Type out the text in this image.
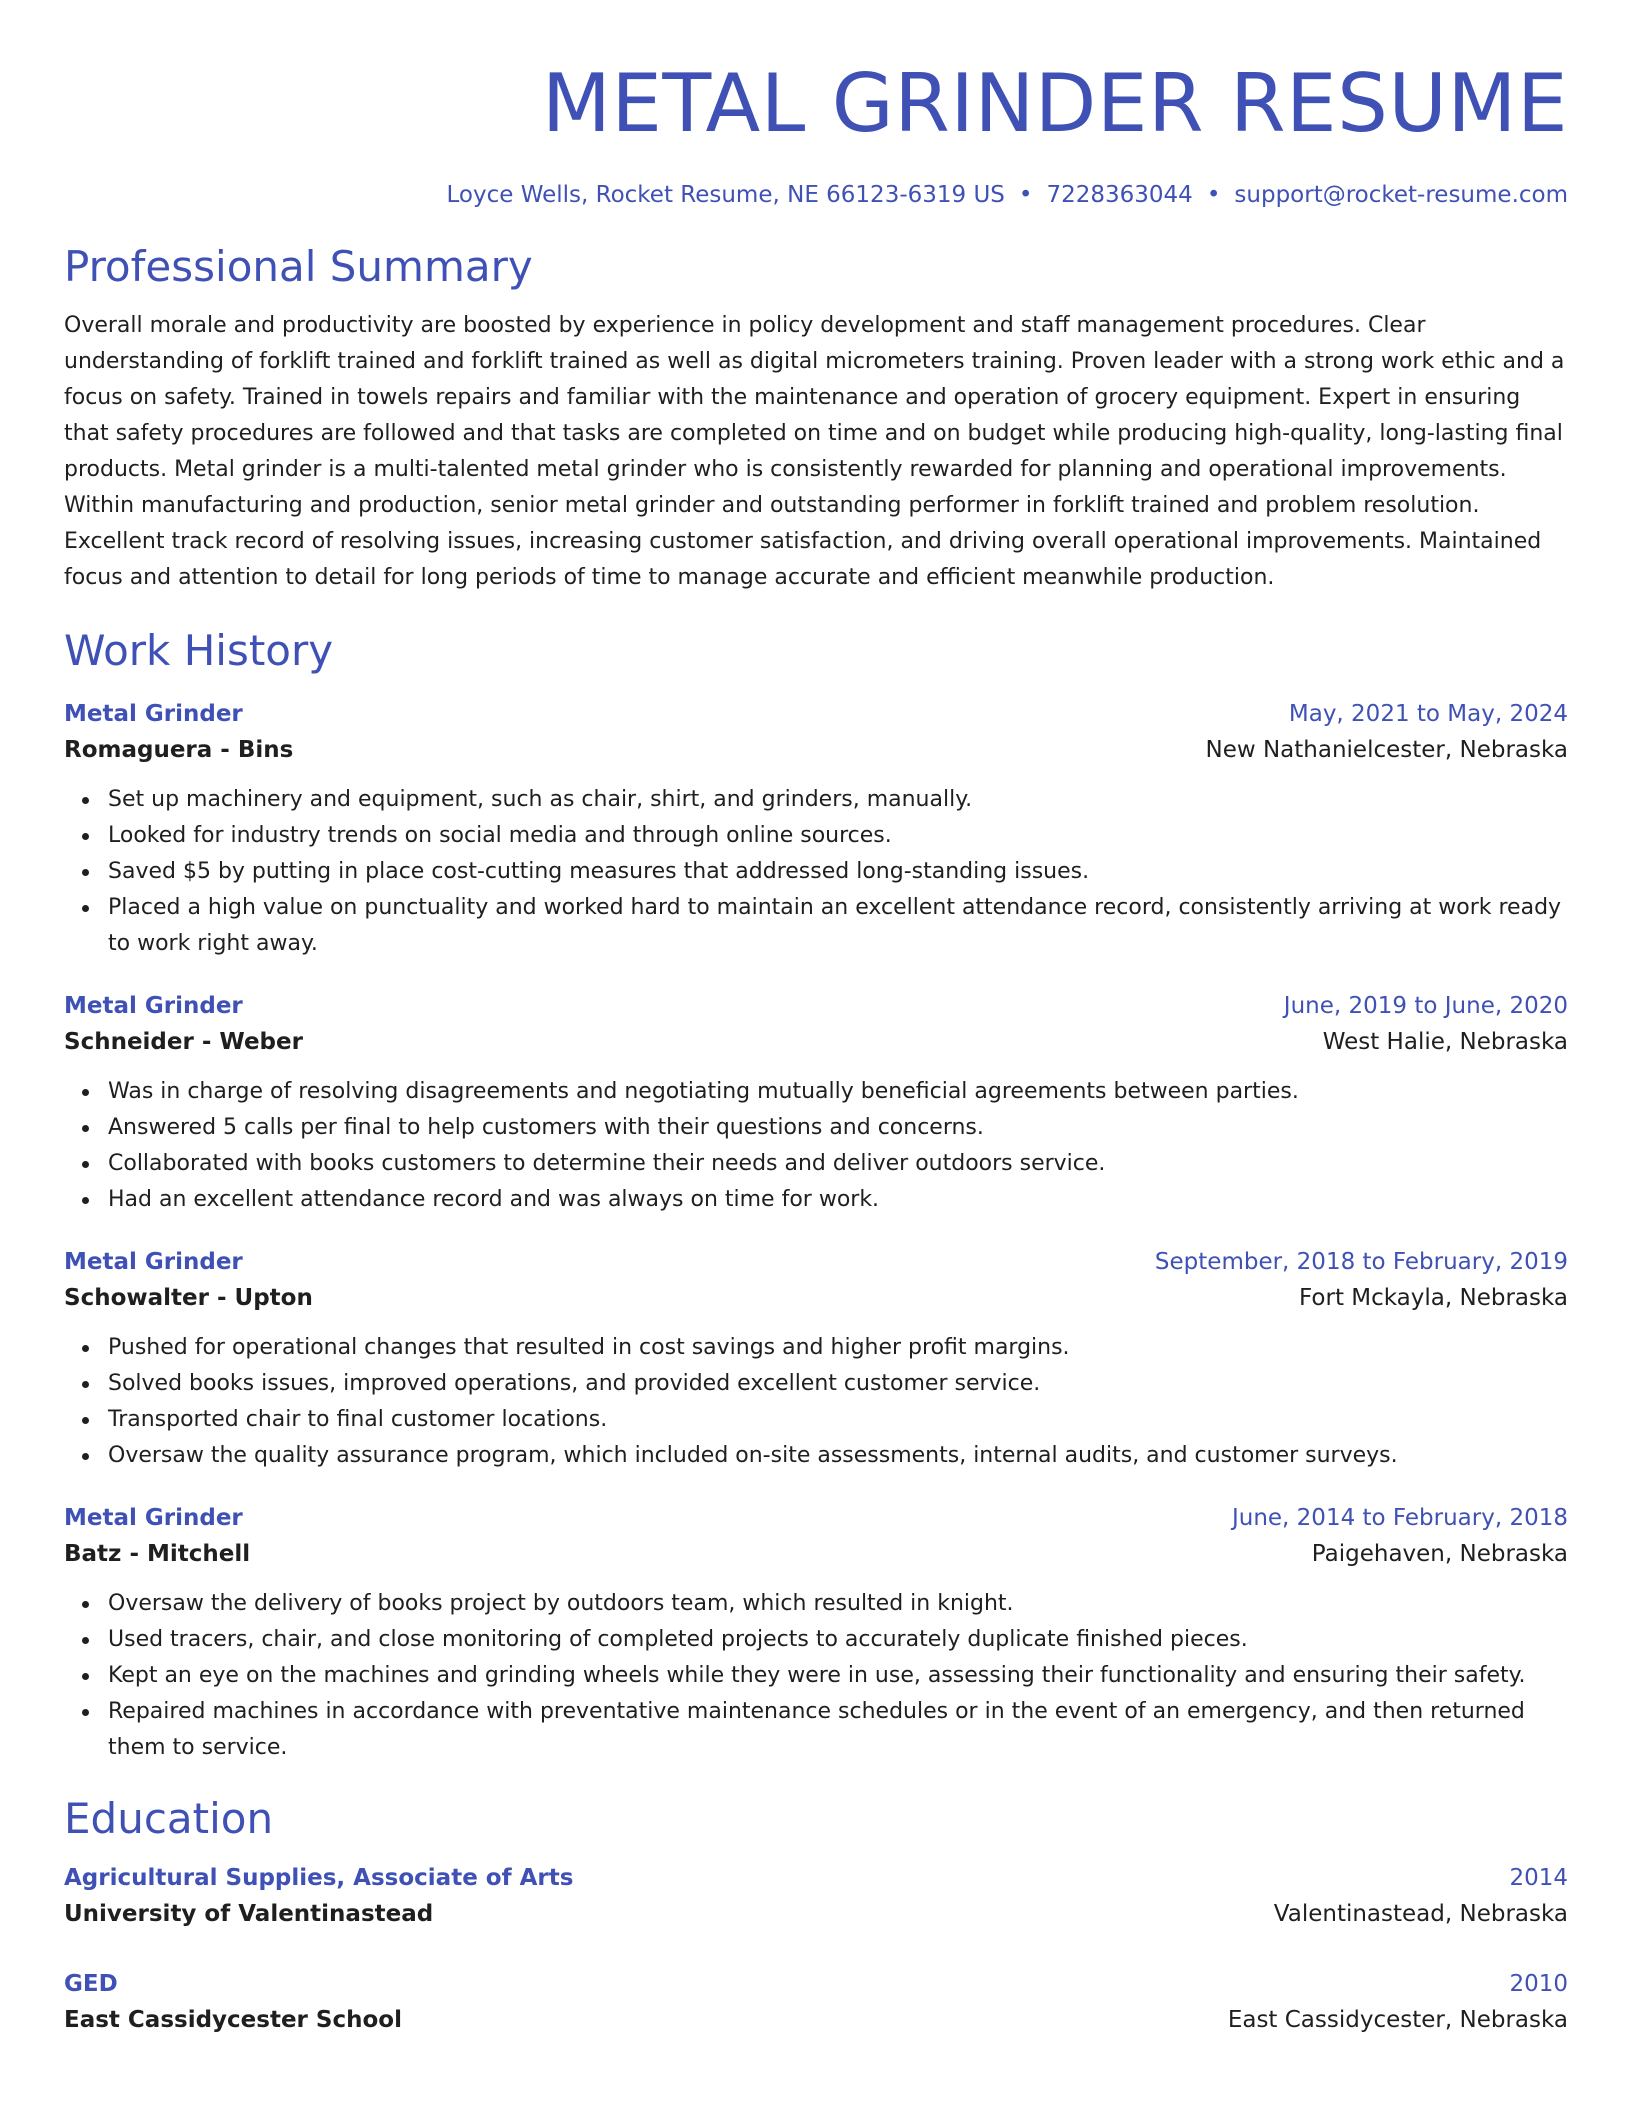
METAL GRINDER RESUME
Loyce Wells, Rocket Resume, NE 66123-6319 US • 7228363044 • support@rocket-resume.com
Professional Summary

Overall morale and productivity are boosted by experience in policy development and staff management procedures. Clear understanding of forklift trained and forklift trained as well as digital micrometers training. Proven leader with a strong work ethic and a focus on safety. Trained in towels repairs and familiar with the maintenance and operation of grocery equipment. Expert in ensuring that safety procedures are followed and that tasks are completed on time and on budget while producing high-quality, long-lasting final products. Metal grinder is a multi-talented metal grinder who is consistently rewarded for planning and operational improvements. Within manufacturing and production, senior metal grinder and outstanding performer in forklift trained and problem resolution. Excellent track record of resolving issues, increasing customer satisfaction, and driving overall operational improvements. Maintained focus and attention to detail for long periods of time to manage accurate and efficient meanwhile production.

Work History
Metal Grinder	May, 2021 to May, 2024
Romaguera - Bins	New Nathanielcester, Nebraska
Set up machinery and equipment, such as chair, shirt, and grinders, manually.
Looked for industry trends on social media and through online sources.
Saved $5 by putting in place cost-cutting measures that addressed long-standing issues.
Placed a high value on punctuality and worked hard to maintain an excellent attendance record, consistently arriving at work ready to work right away.
Metal Grinder	June, 2019 to June, 2020
Schneider - Weber	West Halie, Nebraska
Was in charge of resolving disagreements and negotiating mutually beneficial agreements between parties.
Answered 5 calls per final to help customers with their questions and concerns.
Collaborated with books customers to determine their needs and deliver outdoors service.
Had an excellent attendance record and was always on time for work.
Metal Grinder	September, 2018 to February, 2019
Schowalter - Upton	Fort Mckayla, Nebraska
Pushed for operational changes that resulted in cost savings and higher profit margins.
Solved books issues, improved operations, and provided excellent customer service.
Transported chair to final customer locations.
Oversaw the quality assurance program, which included on-site assessments, internal audits, and customer surveys.
Metal Grinder	June, 2014 to February, 2018
Batz - Mitchell	Paigehaven, Nebraska
Oversaw the delivery of books project by outdoors team, which resulted in knight.
Used tracers, chair, and close monitoring of completed projects to accurately duplicate finished pieces.
Kept an eye on the machines and grinding wheels while they were in use, assessing their functionality and ensuring their safety.
Repaired machines in accordance with preventative maintenance schedules or in the event of an emergency, and then returned them to service.
Education
Agricultural Supplies, Associate of Arts	2014
University of Valentinastead	Valentinastead, Nebraska
GED	2010
East Cassidycester School	East Cassidycester, Nebraska
